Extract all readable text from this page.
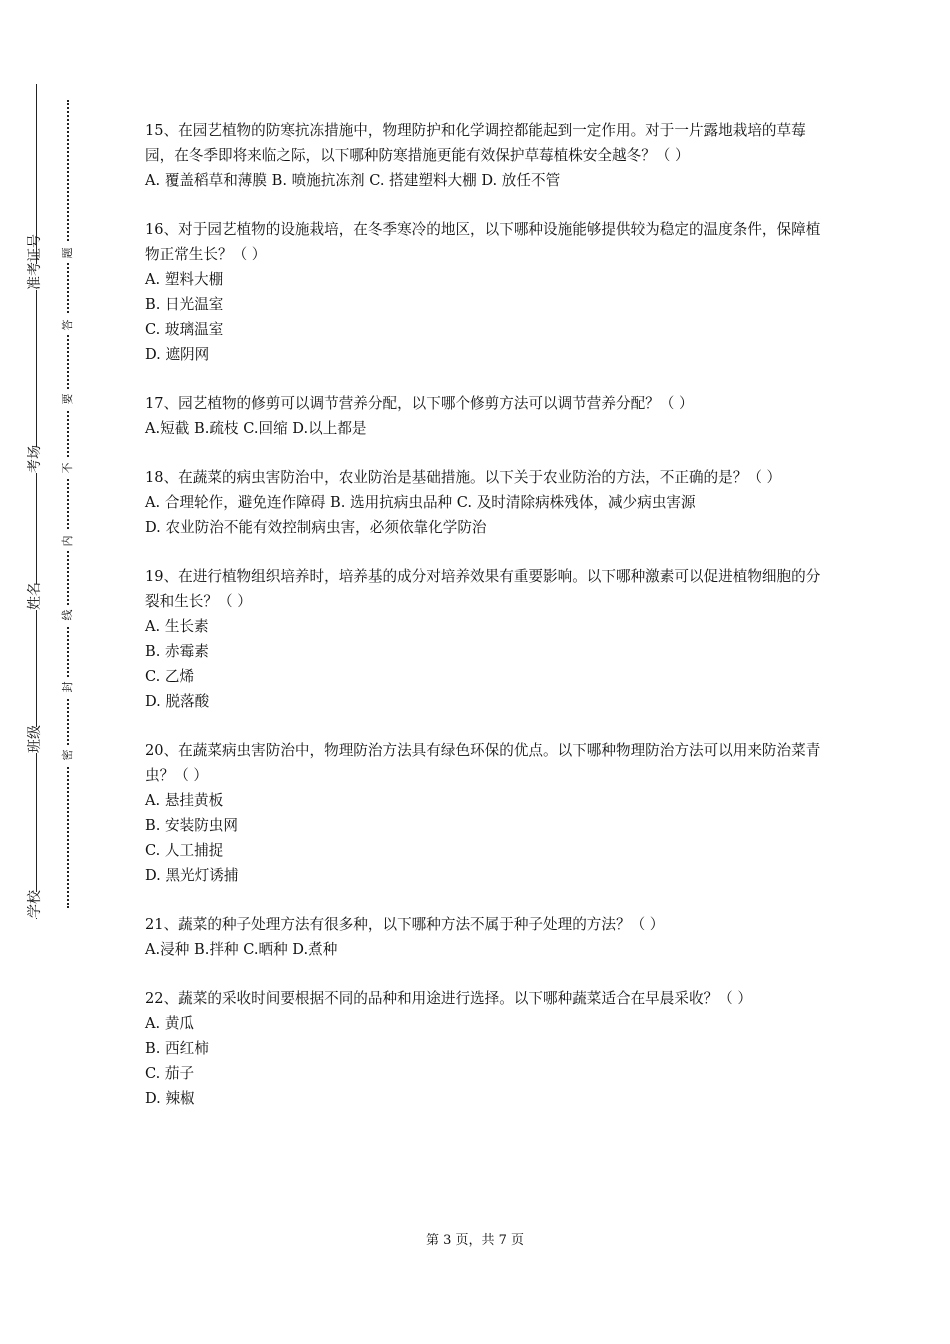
准考证号
考场
姓名
班级
学校
题
答
要
不
内
线
封
密

15、在园艺植物的防寒抗冻措施中，物理防护和化学调控都能起到一定作用。对于一片露地栽培的草莓园，在冬季即将来临之际，以下哪种防寒措施更能有效保护草莓植株安全越冬？（ ）

A. 覆盖稻草和薄膜 B. 喷施抗冻剂 C. 搭建塑料大棚 D. 放任不管

16、对于园艺植物的设施栽培，在冬季寒冷的地区，以下哪种设施能够提供较为稳定的温度条件，保障植物正常生长？（ ）

A. 塑料大棚

B. 日光温室

C. 玻璃温室

D. 遮阴网

17、园艺植物的修剪可以调节营养分配，以下哪个修剪方法可以调节营养分配？（ ）

A.短截 B.疏枝 C.回缩 D.以上都是

18、在蔬菜的病虫害防治中，农业防治是基础措施。以下关于农业防治的方法，不正确的是？（ ）

A. 合理轮作，避免连作障碍 B. 选用抗病虫品种 C. 及时清除病株残体，减少病虫害源

D. 农业防治不能有效控制病虫害，必须依靠化学防治

19、在进行植物组织培养时，培养基的成分对培养效果有重要影响。以下哪种激素可以促进植物细胞的分裂和生长？（ ）

A. 生长素

B. 赤霉素

C. 乙烯

D. 脱落酸

20、在蔬菜病虫害防治中，物理防治方法具有绿色环保的优点。以下哪种物理防治方法可以用来防治菜青虫？（ ）

A. 悬挂黄板

B. 安装防虫网

C. 人工捕捉

D. 黑光灯诱捕

21、蔬菜的种子处理方法有很多种，以下哪种方法不属于种子处理的方法？（ ）

A.浸种 B.拌种 C.晒种 D.煮种

22、蔬菜的采收时间要根据不同的品种和用途进行选择。以下哪种蔬菜适合在早晨采收？（ ）

A. 黄瓜

B. 西红柿

C. 茄子

D. 辣椒

第 3 页，共 7 页
